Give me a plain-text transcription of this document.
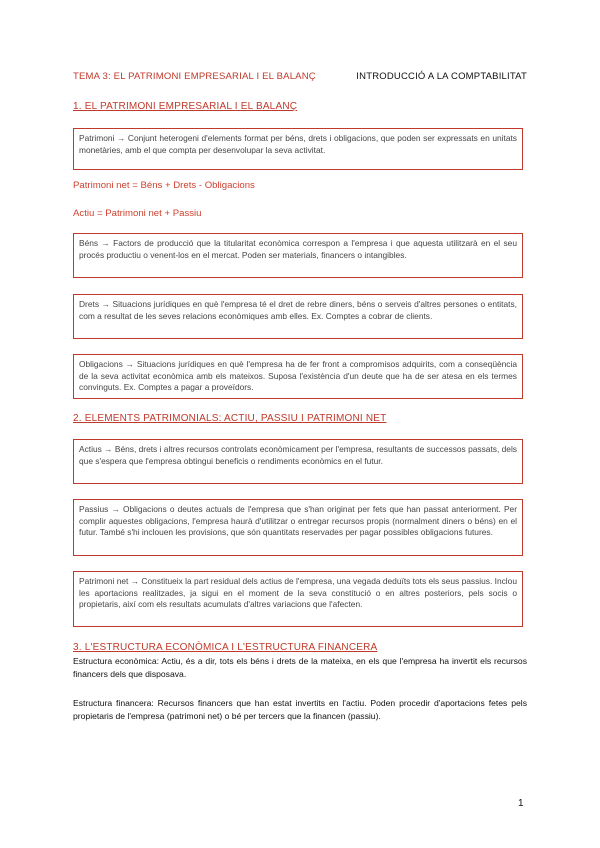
TEMA 3: EL PATRIMONI EMPRESARIAL I EL BALANÇ	INTRODUCCIÓ A LA COMPTABILITAT
1. EL PATRIMONI EMPRESARIAL I EL BALANÇ
Patrimoni → Conjunt heterogeni d'elements format per béns, drets i obligacions, que poden ser expressats en unitats monetàries, amb el que compta per desenvolupar la seva activitat.
Patrimoni net = Béns + Drets - Obligacions
Actiu = Patrimoni net + Passiu
Béns → Factors de producció que la titularitat econòmica correspon a l'empresa i que aquesta utilitzarà en el seu procés productiu o venent-los en el mercat. Poden ser materials, financers o intangibles.
Drets → Situacions jurídiques en què l'empresa té el dret de rebre diners, béns o serveis d'altres persones o entitats, com a resultat de les seves relacions econòmiques amb elles. Ex. Comptes a cobrar de clients.
Obligacions → Situacions jurídiques en què l'empresa ha de fer front a compromisos adquirits, com a conseqüència de la seva activitat econòmica amb els mateixos. Suposa l'existència d'un deute que ha de ser atesa en els termes convinguts. Ex. Comptes a pagar a proveïdors.
2. ELEMENTS PATRIMONIALS: ACTIU, PASSIU I PATRIMONI NET
Actius → Béns, drets i altres recursos controlats econòmicament per l'empresa, resultants de successos passats, dels que s'espera que l'empresa obtingui beneficis o rendiments econòmics en el futur.
Passius → Obligacions o deutes actuals de l'empresa que s'han originat per fets que han passat anteriorment. Per complir aquestes obligacions, l'empresa haurà d'utilitzar o entregar recursos propis (normalment diners o béns) en el futur. També s'hi inclouen les provisions, que són quantitats reservades per pagar possibles obligacions futures.
Patrimoni net → Constitueix la part residual dels actius de l'empresa, una vegada deduïts tots els seus passius. Inclou les aportacions realitzades, ja sigui en el moment de la seva constitució o en altres posteriors, pels socis o propietaris, així com els resultats acumulats d'altres variacions que l'afecten.
3. L'ESTRUCTURA ECONÒMICA I L'ESTRUCTURA FINANCERA
Estructura econòmica: Actiu, és a dir, tots els béns i drets de la mateixa, en els que l'empresa ha invertit els recursos financers dels que disposava.
Estructura financera: Recursos financers que han estat invertits en l'actiu. Poden procedir d'aportacions fetes pels propietaris de l'empresa (patrimoni net) o bé per tercers que la financen (passiu).
1
